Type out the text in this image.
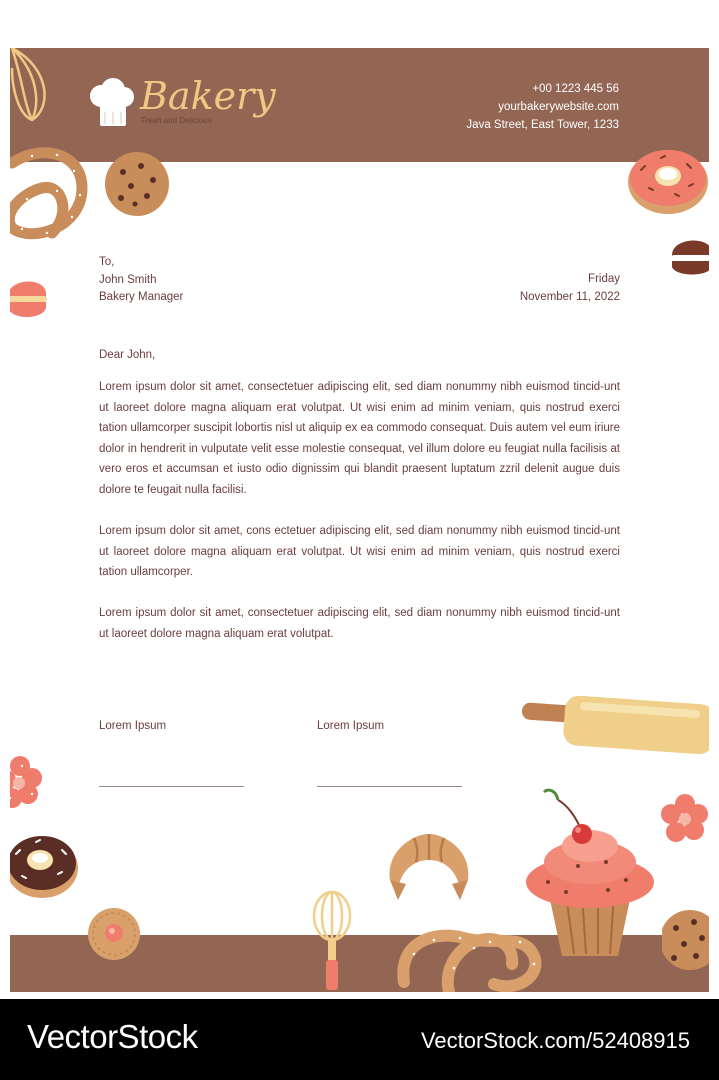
Bakery
Fresh and Delicious
+00 1223 445 56
yourbakerywebsite.com
Java Street, East Tower, 1233
To,
John Smith
Bakery Manager
Friday
November 11, 2022
Dear John,

Lorem ipsum dolor sit amet, consectetuer adipiscing elit, sed diam nonummy nibh euismod tincid-unt ut laoreet dolore magna aliquam erat volutpat. Ut wisi enim ad minim veniam, quis nostrud exerci tation ullamcorper suscipit lobortis nisl ut aliquip ex ea commodo consequat. Duis autem vel eum iriure dolor in hendrerit in vulputate velit esse molestie consequat, vel illum dolore eu feugiat nulla facilisis at vero eros et accumsan et iusto odio dignissim qui blandit praesent luptatum zzril delenit augue duis dolore te feugait nulla facilisi.

Lorem ipsum dolor sit amet, cons ectetuer adipiscing elit, sed diam nonummy nibh euismod tincid-unt ut laoreet dolore magna aliquam erat volutpat. Ut wisi enim ad minim veniam, quis nostrud exerci tation ullamcorper.

Lorem ipsum dolor sit amet, consectetuer adipiscing elit, sed diam nonummy nibh euismod tincid-unt ut laoreet dolore magna aliquam erat volutpat.

Lorem Ipsum	Lorem Ipsum
VectorStock	VectorStock.com/52408915
